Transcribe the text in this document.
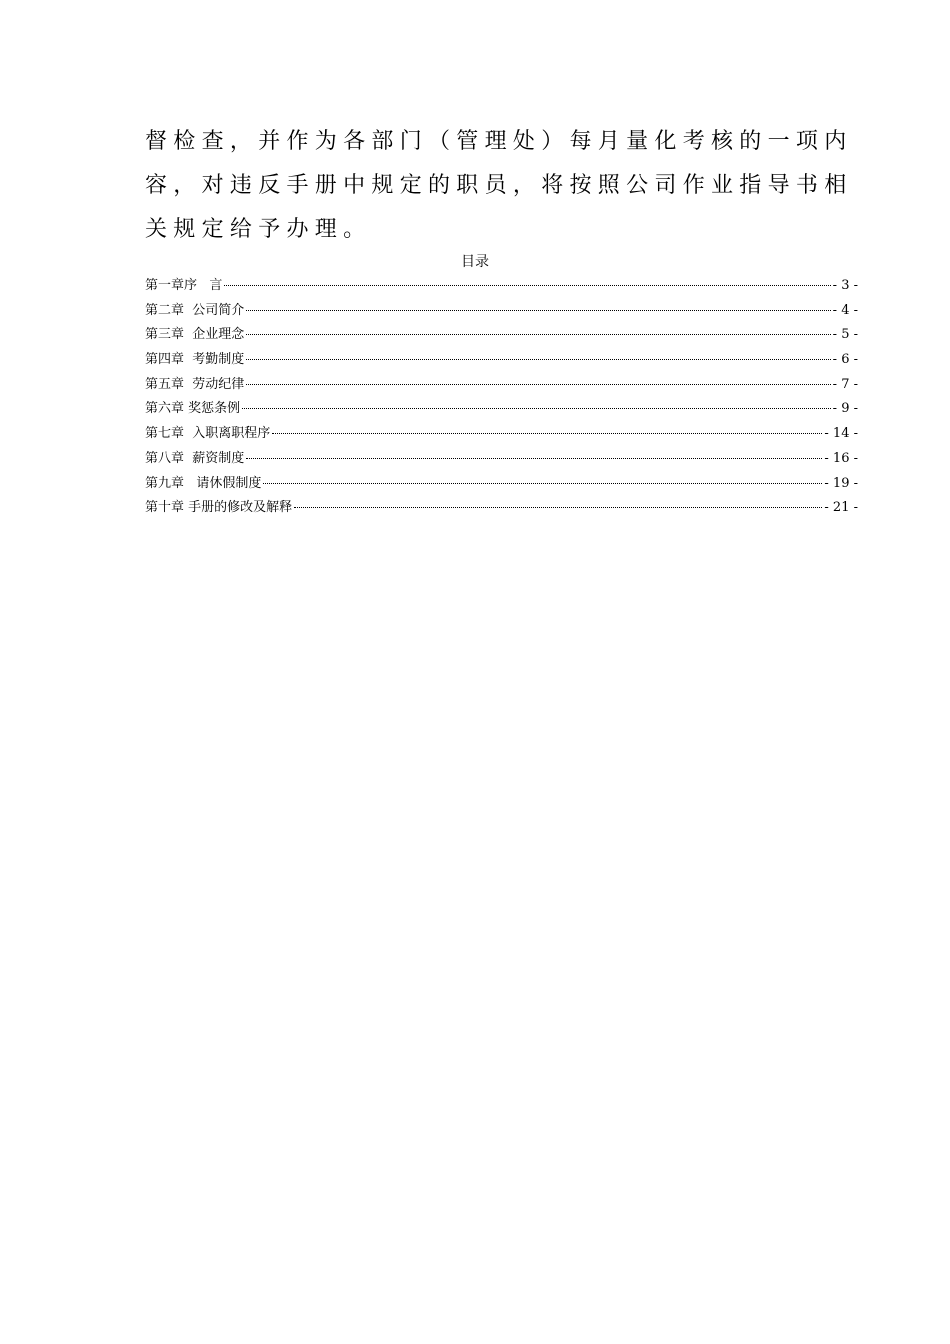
督检查，并作为各部门（管理处）每月量化考核的一项内
容，对违反手册中规定的职员，将按照公司作业指导书相
关规定给予办理。
目录
第一章序   言	- 3 -
第二章  公司简介	- 4 -
第三章  企业理念	- 5 -
第四章  考勤制度	- 6 -
第五章  劳动纪律	- 7 -
第六章 奖惩条例	- 9 -
第七章  入职离职程序	- 14 -
第八章  薪资制度	- 16 -
第九章   请休假制度	- 19 -
第十章 手册的修改及解释	- 21 -
